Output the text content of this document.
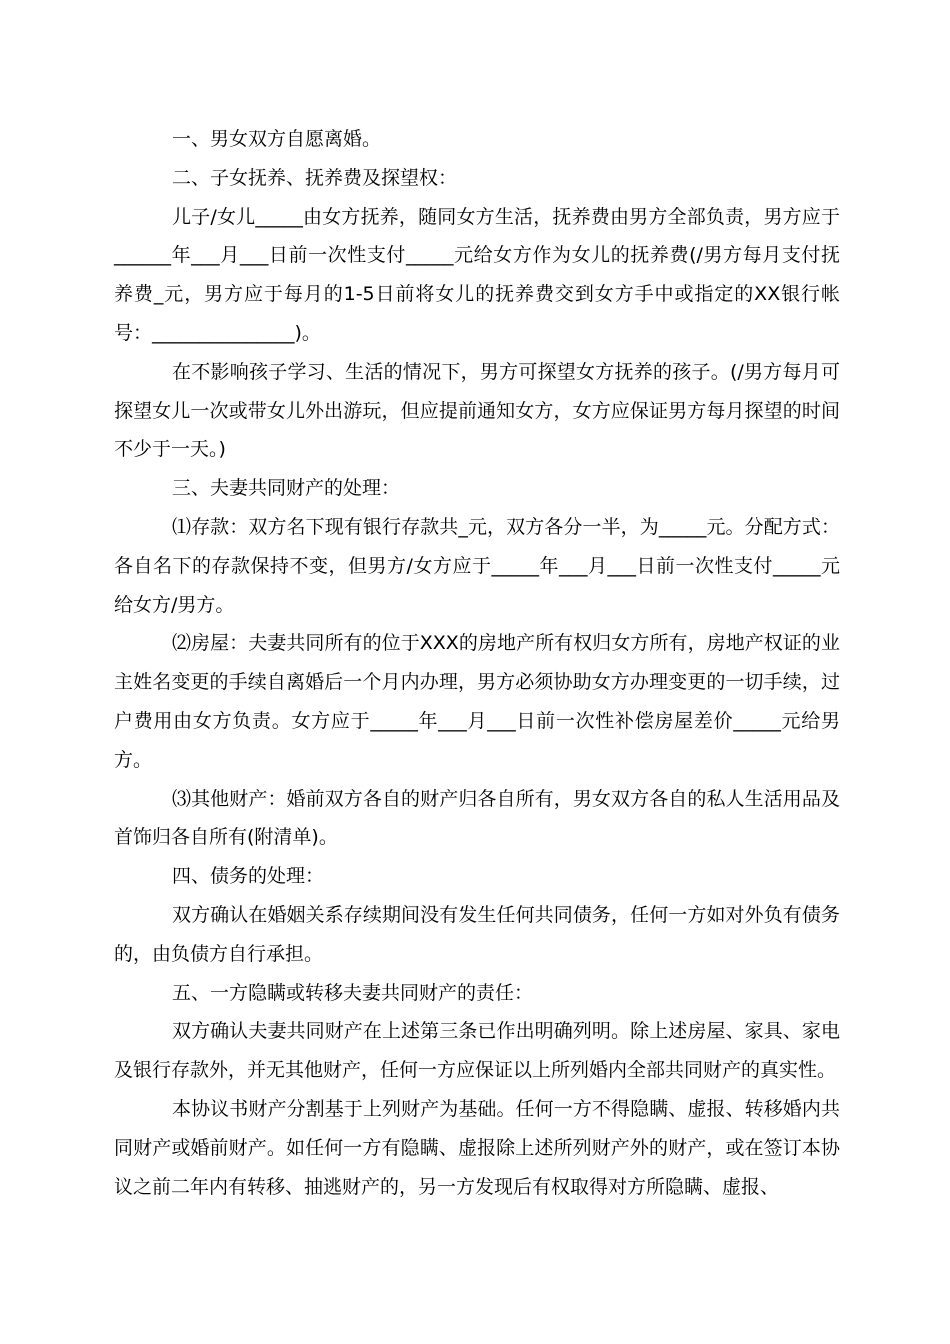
一、男女双方自愿离婚。

二、子女抚养、抚养费及探望权：

儿子/女儿_____由女方抚养，随同女方生活，抚养费由男方全部负责，男方应于______年___月___日前一次性支付_____元给女方作为女儿的抚养费(/男方每月支付抚养费_元，男方应于每月的1-5日前将女儿的抚养费交到女方手中或指定的XX银行帐号：_______________)。

在不影响孩子学习、生活的情况下，男方可探望女方抚养的孩子。(/男方每月可探望女儿一次或带女儿外出游玩，但应提前通知女方，女方应保证男方每月探望的时间不少于一天。)

三、夫妻共同财产的处理：

⑴存款：双方名下现有银行存款共_元，双方各分一半，为_____元。分配方式：各自名下的存款保持不变，但男方/女方应于_____年___月___日前一次性支付_____元给女方/男方。

⑵房屋：夫妻共同所有的位于XXX的房地产所有权归女方所有，房地产权证的业主姓名变更的手续自离婚后一个月内办理，男方必须协助女方办理变更的一切手续，过户费用由女方负责。女方应于_____年___月___日前一次性补偿房屋差价_____元给男方。

⑶其他财产：婚前双方各自的财产归各自所有，男女双方各自的私人生活用品及首饰归各自所有(附清单)。

四、债务的处理：

双方确认在婚姻关系存续期间没有发生任何共同债务，任何一方如对外负有债务的，由负债方自行承担。

五、一方隐瞒或转移夫妻共同财产的责任：

双方确认夫妻共同财产在上述第三条已作出明确列明。除上述房屋、家具、家电及银行存款外，并无其他财产，任何一方应保证以上所列婚内全部共同财产的真实性。

本协议书财产分割基于上列财产为基础。任何一方不得隐瞒、虚报、转移婚内共同财产或婚前财产。如任何一方有隐瞒、虚报除上述所列财产外的财产，或在签订本协议之前二年内有转移、抽逃财产的，另一方发现后有权取得对方所隐瞒、虚报、
